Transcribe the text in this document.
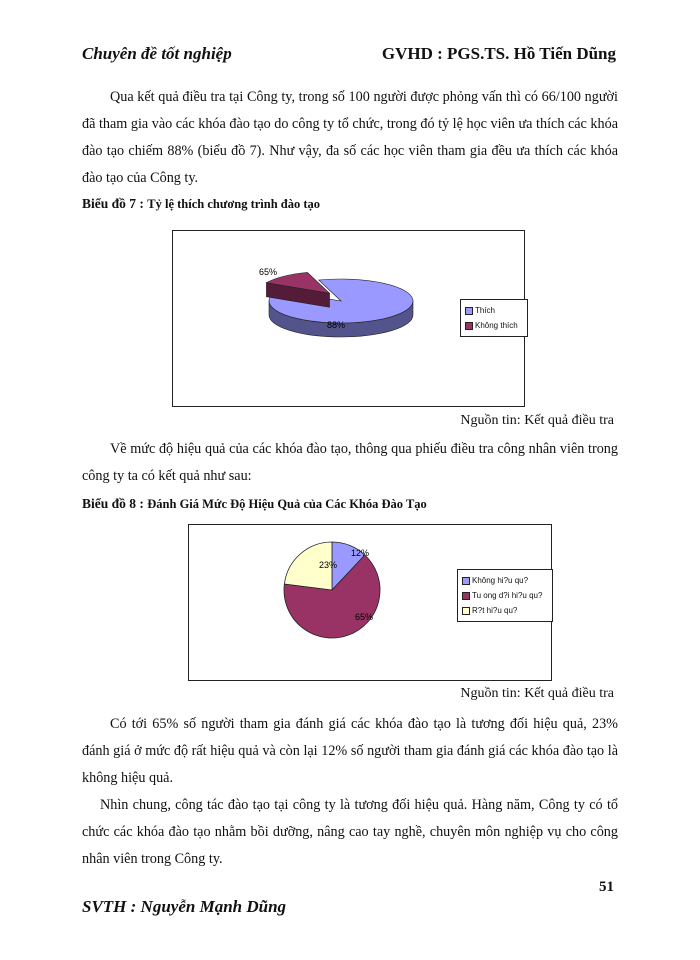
Chuyên đề tốt nghiệp	GVHD : PGS.TS. Hồ Tiến Dũng

Qua kết quả điều tra tại Công ty, trong số 100 người được phỏng vấn thì có 66/100 người đã tham gia vào các khóa đào tạo do công ty tổ chức, trong đó tỷ lệ học viên ưa thích các khóa đào tạo chiếm 88% (biểu đồ 7). Như vậy, đa số các học viên tham gia đều ưa thích các khóa đào tạo của Công ty.

Biểu đồ 7 : Tỷ lệ thích chương trình đào tạo

65%
88%
Thích
Không thích

Nguồn tin: Kết quả điều tra

Về mức độ hiệu quả của các khóa đào tạo, thông qua phiếu điều tra công nhân viên trong công ty ta có kết quả như sau:

Biểu đồ 8 : Đánh Giá Mức Độ Hiệu Quả của Các Khóa Đào Tạo

12%
65%
23%
Không hi?u qu?
Tu ong d?i hi?u qu?
R?t hi?u qu?

Nguồn tin: Kết quả điều tra

Có tới 65% số người tham gia đánh giá các khóa đào tạo là tương đối hiệu quả, 23% đánh giá ở mức độ rất hiệu quả và còn lại 12% số người tham gia đánh giá các khóa đào tạo là không hiệu quả.

Nhìn chung, công tác đào tạo tại công ty là tương đối hiệu quả. Hàng năm, Công ty có tổ chức các khóa đào tạo nhằm bồi dưỡng, nâng cao tay nghề, chuyên môn nghiệp vụ cho công nhân viên trong Công ty.

51
SVTH : Nguyễn Mạnh Dũng
